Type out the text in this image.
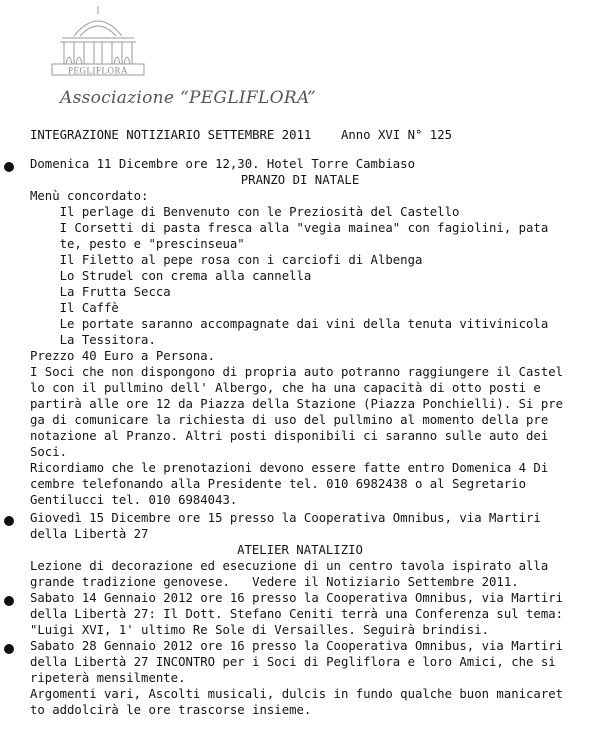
PEGLIFLORA
Associazione “PEGLIFLORA”
INTEGRAZIONE NOTIZIARIO SETTEMBRE 2011 Anno XVI N° 125
Domenica 11 Dicembre ore 12,30. Hotel Torre Cambiaso
PRANZO DI NATALE
Menù concordato:
Il perlage di Benvenuto con le Preziosità del Castello
I Corsetti di pasta fresca alla "vegia mainea" con fagiolini, pata
te, pesto e "prescinseua"
Il Filetto al pepe rosa con i carciofi di Albenga
Lo Strudel con crema alla cannella
La Frutta Secca
Il Caffè
Le portate saranno accompagnate dai vini della tenuta vitivinicola
La Tessitora.
Prezzo 40 Euro a Persona.
I Soci che non dispongono di propria auto potranno raggiungere il Castel
lo con il pullmino dell' Albergo, che ha una capacità di otto posti e
partirà alle ore 12 da Piazza della Stazione (Piazza Ponchielli). Si pre
ga di comunicare la richiesta di uso del pullmino al momento della pre
notazione al Pranzo. Altri posti disponibili ci saranno sulle auto dei
Soci.
Ricordiamo che le prenotazioni devono essere fatte entro Domenica 4 Di
cembre telefonando alla Presidente tel. 010 6982438 o al Segretario
Gentilucci tel. 010 6984043.
Giovedì 15 Dicembre ore 15 presso la Cooperativa Omnibus, via Martiri
della Libertà 27
ATELIER NATALIZIO
Lezione di decorazione ed esecuzione di un centro tavola ispirato alla
grande tradizione genovese.   Vedere il Notiziario Settembre 2011.
Sabato 14 Gennaio 2012 ore 16 presso la Cooperativa Omnibus, via Martiri
della Libertà 27: Il Dott. Stefano Ceniti terrà una Conferenza sul tema:
"Luigi XVI, 1' ultimo Re Sole di Versailles. Seguirà brindisi.
Sabato 28 Gennaio 2012 ore 16 presso la Cooperativa Omnibus, via Martiri
della Libertà 27 INCONTRO per i Soci di Pegliflora e loro Amici, che si
ripeterà mensilmente.
Argomenti vari, Ascolti musicali, dulcis in fundo qualche buon manicaret
to addolcirà le ore trascorse insieme.
